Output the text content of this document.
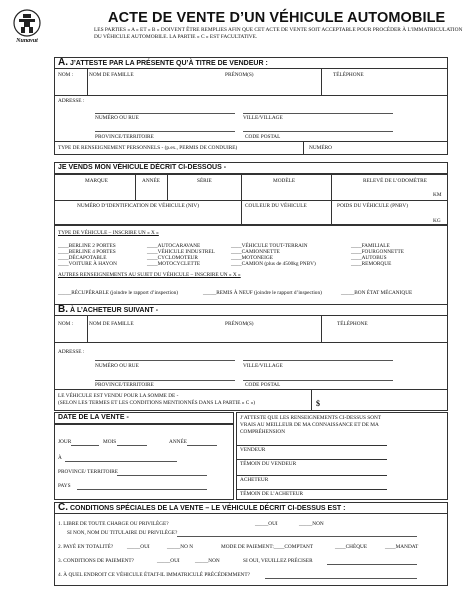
Nunavut
ACTE DE VENTE D’UN VÉHICULE AUTOMOBILE
LES PARTIES « A » ET « B » DOIVENT ÊTRE REMPLIES AFIN QUE CET ACTE DE VENTE SOIT ACCEPTABLE POUR PROCÉDER À L’IMMATRICULATION DU VÉHICULE AUTOMOBILE. LA PARTIE « C » EST FACULTATIVE.
A. J’ATTESTE PAR LA PRÉSENTE QU’À TITRE DE VENDEUR :
NOM :	NOM DE FAMILLE	PRÉNOM(S)	TÉLÉPHONE
ADRESSE :
NUMÉRO OU RUE	VILLE/VILLAGE
PROVINCE/TERRITOIRE	CODE POSTAL
TYPE DE RENSEIGNEMENT PERSONNELS - (p.ex., PERMIS DE CONDUIRE)	NUMÉRO
JE VENDS MON VÉHICULE DÉCRIT CI-DESSOUS -
MARQUE	ANNÉE	SÉRIE	MODÈLE	RELEVÉ DE L’ODOMÈTRE
KM
NUMÉRO D’IDENTIFICATION DE VÉHICULE (NIV)	COULEUR DU VÉHICULE	POIDS DU VÉHICULE (PNBV)
KG
TYPE DE VÉHICULE – INSCRIRE UN « X »
____BERLINE 2 PORTES
____BERLINE 4 PORTES
____DÉCAPOTABLE
____VOITURE À HAYON
____AUTOCARAVANE
____VÉHICULE INDUSTREL
____CYCLOMOTEUR
____MOTOCYCLETTE
____VÉHICULE TOUT-TERRAIN
____CAMIONNETTE
____MOTONEIGE
____CAMION (plus de 4500kg PNBV)
____FAMILIALE
____FOURGONNETTE
____AUTOBUS
____REMORQUE
AUTRES RENSEIGNEMENTS AU SUJET DU VÉHICULE – INSCRIRE UN « X »
_____RÉCUPÉRABLE (joindre le rapport d’inspection)	_____REMIS À NEUF (joindre le rapport d’inspection)	_____BON ÉTAT MÉCANIQUE
B. À L’ACHETEUR SUIVANT -
NOM :	NOM DE FAMILLE	PRÉNOM(S)	TÉLÉPHONE
ADRESSE :
NUMÉRO OU RUE	VILLE/VILLAGE
PROVINCE/TERRITOIRE	CODE POSTAL
LE VÉHICULE EST VENDU POUR LA SOMME DE -
(SELON LES TERMES ET LES CONDITIONS MENTIONNÉS DANS LA PARTIE « C »)	$
DATE DE LA VENTE -
JOUR	MOIS	ANNÉE
À
PROVINCE/ TERRITOIRE
PAYS
J’ATTESTE QUE LES RENSEIGNEMENTS CI-DESSUS SONT
VRAIS AU MEILLEUR DE MA CONNAISSANCE ET DE MA
COMPRÉHENSION
VENDEUR
TÉMOIN DU VENDEUR
ACHETEUR
TÉMOIN DE L’ACHETEUR
C. CONDITIONS SPÉCIALES DE LA VENTE – LE VÉHICULE DÉCRIT CI-DESSUS EST :
1. LIBRE DE TOUTE CHARGE OU PRIVILÈGE?	_____OUI	_____NON
SI NON, NOM DU TITULAIRE DU PRIVILÈGE?
2. PAYÉ EN TOTALITÉ?	_____OUI	_____NO N	MODE DE PAIEMENT:____COMPTANT	____CHÈQUE	____MANDAT
3. CONDITIONS DE PAIEMENT?	_____OUI	_____NON	SI OUI, VEUILLEZ PRÉCISER
4. À QUEL ENDROIT CE VÉHICULE ÉTAIT-IL IMMATRICULÉ PRÉCÉDEMMENT?
